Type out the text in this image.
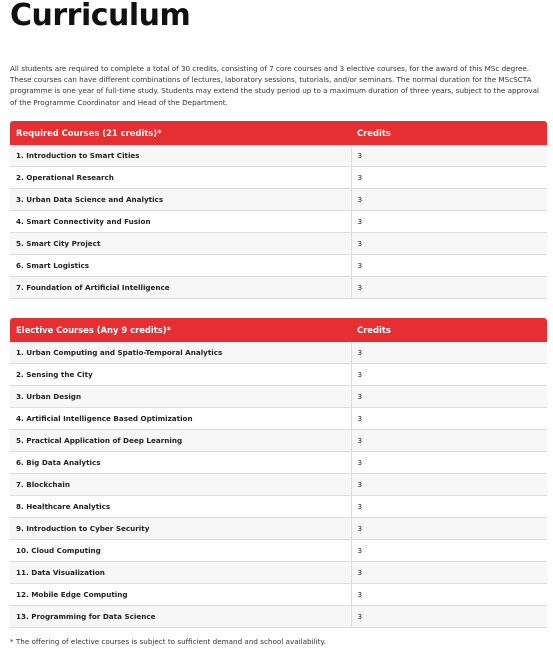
Curriculum

All students are required to complete a total of 30 credits, consisting of 7 core courses and 3 elective courses, for the award of this MSc degree. These courses can have different combinations of lectures, laboratory sessions, tutorials, and/or seminars. The normal duration for the MScSCTA programme is one year of full-time study. Students may extend the study period up to a maximum duration of three years, subject to the approval of the Programme Coordinator and Head of the Department.

Required Courses (21 credits)*	Credits
1. Introduction to Smart Cities	3
2. Operational Research	3
3. Urban Data Science and Analytics	3
4. Smart Connectivity and Fusion	3
5. Smart City Project	3
6. Smart Logistics	3
7. Foundation of Artificial Intelligence	3
Elective Courses (Any 9 credits)*	Credits
1. Urban Computing and Spatio-Temporal Analytics	3
2. Sensing the City	3
3. Urban Design	3
4. Artificial Intelligence Based Optimization	3
5. Practical Application of Deep Learning	3
6. Big Data Analytics	3
7. Blockchain	3
8. Healthcare Analytics	3
9. Introduction to Cyber Security	3
10. Cloud Computing	3
11. Data Visualization	3
12. Mobile Edge Computing	3
13. Programming for Data Science	3

* The offering of elective courses is subject to sufficient demand and school availability.
